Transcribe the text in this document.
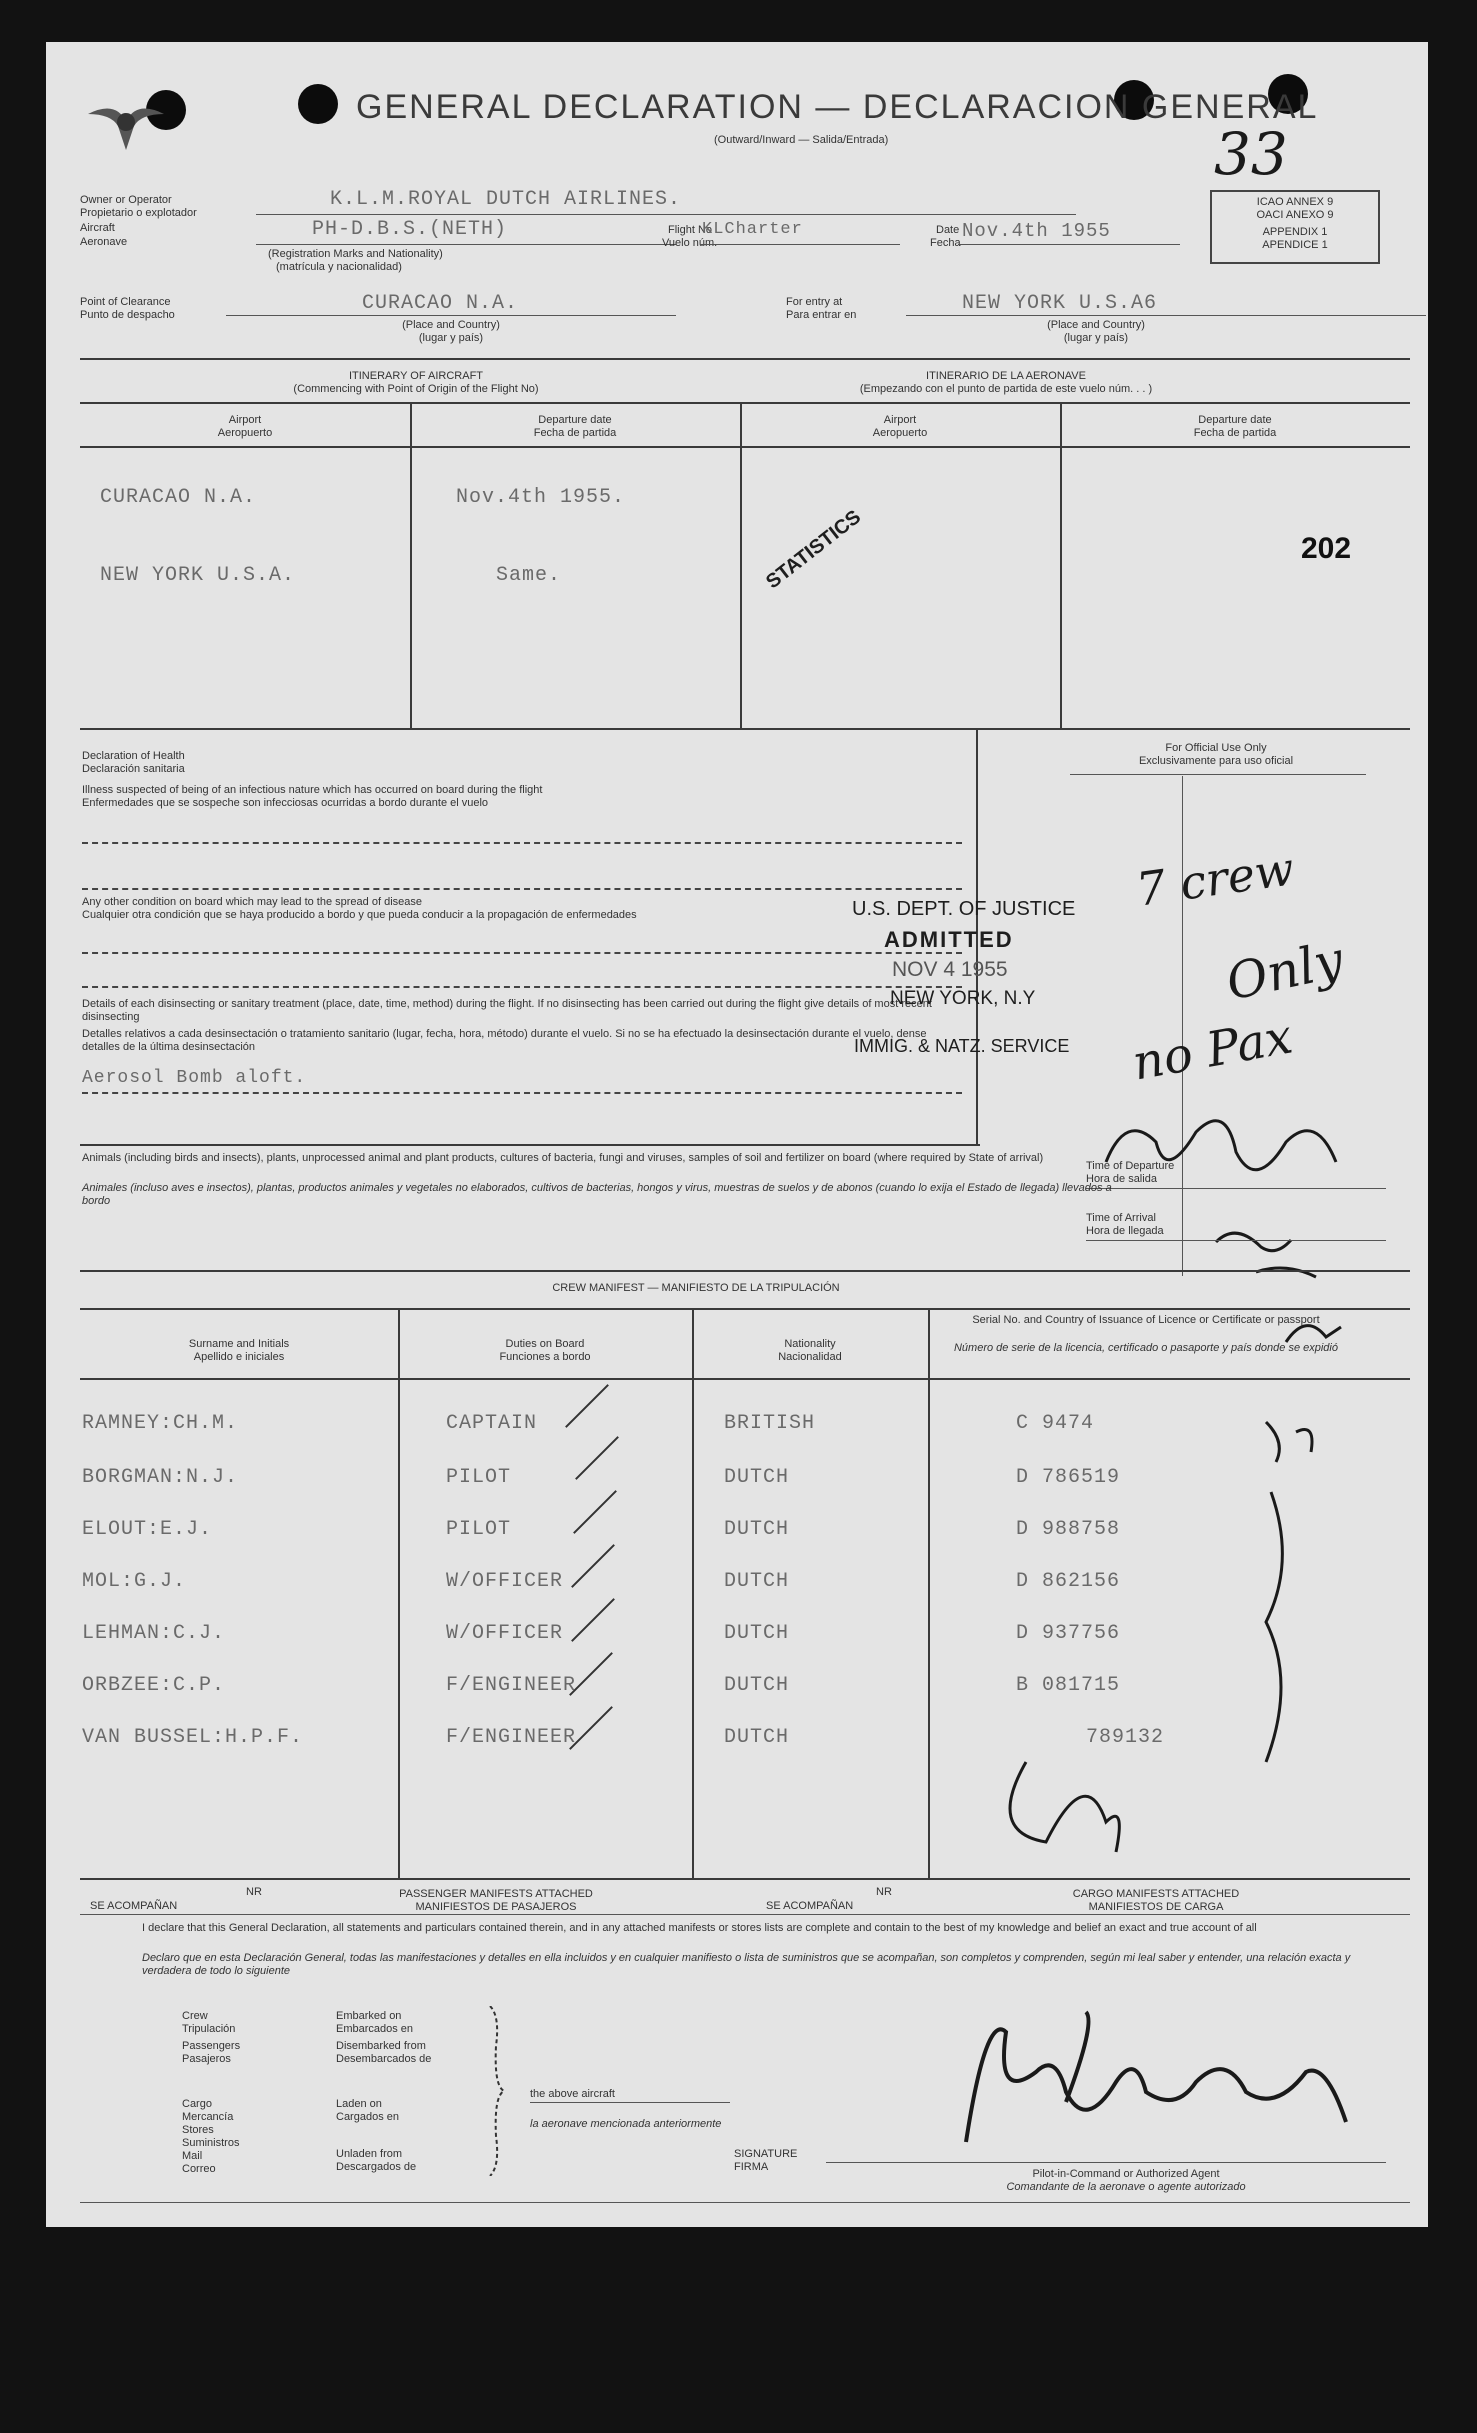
GENERAL DECLARATION — DECLARACION GENERAL
(Outward/Inward — Salida/Entrada)	33
ICAO ANNEX 9
OACI ANEXO 9
APPENDIX 1
APENDICE 1
Owner or Operator
Propietario o explotador
K.L.M.ROYAL DUTCH AIRLINES.
Aircraft
Aeronave
PH-D.B.S.(NETH)
(Registration Marks and Nationality)
(matrícula y nacionalidad)
Flight No
Vuelo núm.
KLCharter	Date
Fecha
Nov.4th 1955
Point of Clearance
Punto de despacho	CURACAO N.A.
(Place and Country)
(lugar y país)
For entry at
Para entrar en	NEW YORK U.S.A6
(Place and Country)
(lugar y país)
ITINERARY OF AIRCRAFT
(Commencing with Point of Origin of the Flight No)
ITINERARIO DE LA AERONAVE
(Empezando con el punto de partida de este vuelo núm. . . )
Airport
Aeropuerto
Departure date
Fecha de partida
Airport
Aeropuerto
Departure date
Fecha de partida
CURACAO N.A.	Nov.4th 1955.
NEW YORK U.S.A.	Same.	STATISTICS	202
Declaration of Health
Declaración sanitaria
Illness suspected of being of an infectious nature which has occurred on board during the flight
Enfermedades que se sospeche son infecciosas ocurridas a bordo durante el vuelo
Any other condition on board which may lead to the spread of disease
Cualquier otra condición que se haya producido a bordo y que pueda conducir a la propagación de enfermedades
Details of each disinsecting or sanitary treatment (place, date, time, method) during the flight. If no disinsecting has been carried out during the flight give details of most recent disinsecting
Detalles relativos a cada desinsectación o tratamiento sanitario (lugar, fecha, hora, método) durante el vuelo. Si no se ha efectuado la desinsectación durante el vuelo, dense detalles de la última desinsectación
Aerosol Bomb aloft.
For Official Use Only
Exclusivamente para uso oficial
U.S. DEPT. OF JUSTICE
ADMITTED
NOV 4 1955
NEW YORK, N.Y
IMMIG. & NATZ. SERVICE
7 crew
Only
no Pax
Time of Departure
Hora de salida
Time of Arrival
Hora de llegada
Animals (including birds and insects), plants, unprocessed animal and plant products, cultures of bacteria, fungi and viruses, samples of soil and fertilizer on board (where required by State of arrival)
Animales (incluso aves e insectos), plantas, productos animales y vegetales no elaborados, cultivos de bacterias, hongos y virus, muestras de suelos y de abonos (cuando lo exija el Estado de llegada) llevados a bordo
CREW MANIFEST — MANIFIESTO DE LA TRIPULACIÓN
Surname and Initials
Apellido e iniciales
Duties on Board
Funciones a bordo
Nationality
Nacionalidad
Serial No. and Country of Issuance of Licence or Certificate or passport
Número de serie de la licencia, certificado o pasaporte y país donde se expidió
RAMNEY:CH.M.	CAPTAIN	BRITISH	C 9474
BORGMAN:N.J.	PILOT	DUTCH	D 786519
ELOUT:E.J.	PILOT	DUTCH	D 988758
MOL:G.J.	W/OFFICER	DUTCH	D 862156
LEHMAN:C.J.	W/OFFICER	DUTCH	D 937756
ORBZEE:C.P.	F/ENGINEER	DUTCH	B 081715
VAN BUSSEL:H.P.F.	F/ENGINEER	DUTCH	789132
NR
SE ACOMPAÑAN
PASSENGER MANIFESTS ATTACHED
MANIFIESTOS DE PASAJEROS
NR
SE ACOMPAÑAN
CARGO MANIFESTS ATTACHED
MANIFIESTOS DE CARGA
I declare that this General Declaration, all statements and particulars contained therein, and in any attached manifests or stores lists are complete and contain to the best of my knowledge and belief an exact and true account of all
Declaro que en esta Declaración General, todas las manifestaciones y detalles en ella incluidos y en cualquier manifiesto o lista de suministros que se acompañan, son completos y comprenden, según mi leal saber y entender, una relación exacta y verdadera de todo lo siguiente
Crew
Tripulación
Passengers
Pasajeros
Embarked on
Embarcados en
Disembarked from
Desembarcados de
Cargo
Mercancía
Stores
Suministros
Mail
Correo
Laden on
Cargados en
Unladen from
Descargados de
the above aircraft
la aeronave mencionada anteriormente
SIGNATURE
FIRMA
Pilot-in-Command or Authorized Agent
Comandante de la aeronave o agente autorizado
